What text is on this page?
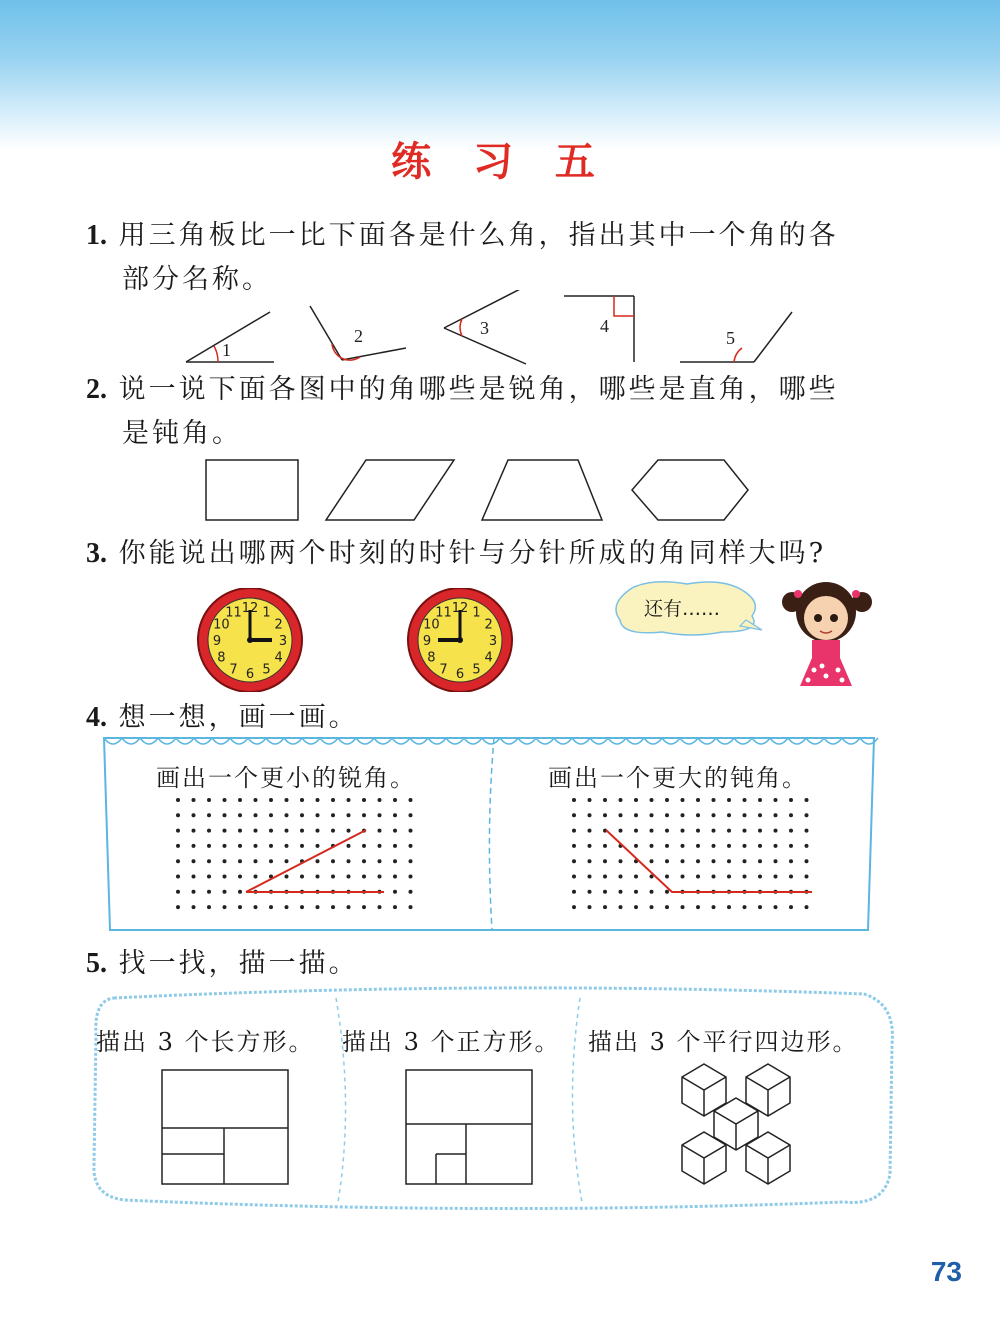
练 习 五
1. 用三角板比一比下面各是什么角，指出其中一个角的各
部分名称。
1
2	3	4
5
2. 说一说下面各图中的角哪些是锐角，哪些是直角，哪些
是钝角。
3. 你能说出哪两个时刻的时针与分针所成的角同样大吗?
12 1
2
3
4
5
6
7
8
9
10
11	12 1
2
3
4
5
6
7
8
9
10
11	还有……
4. 想一想，画一画。
画出一个更小的锐角。	画出一个更大的钝角。
5. 找一找，描一描。
描出 3 个长方形。 描出 3 个正方形。 描出 3 个平行四边形。
73
